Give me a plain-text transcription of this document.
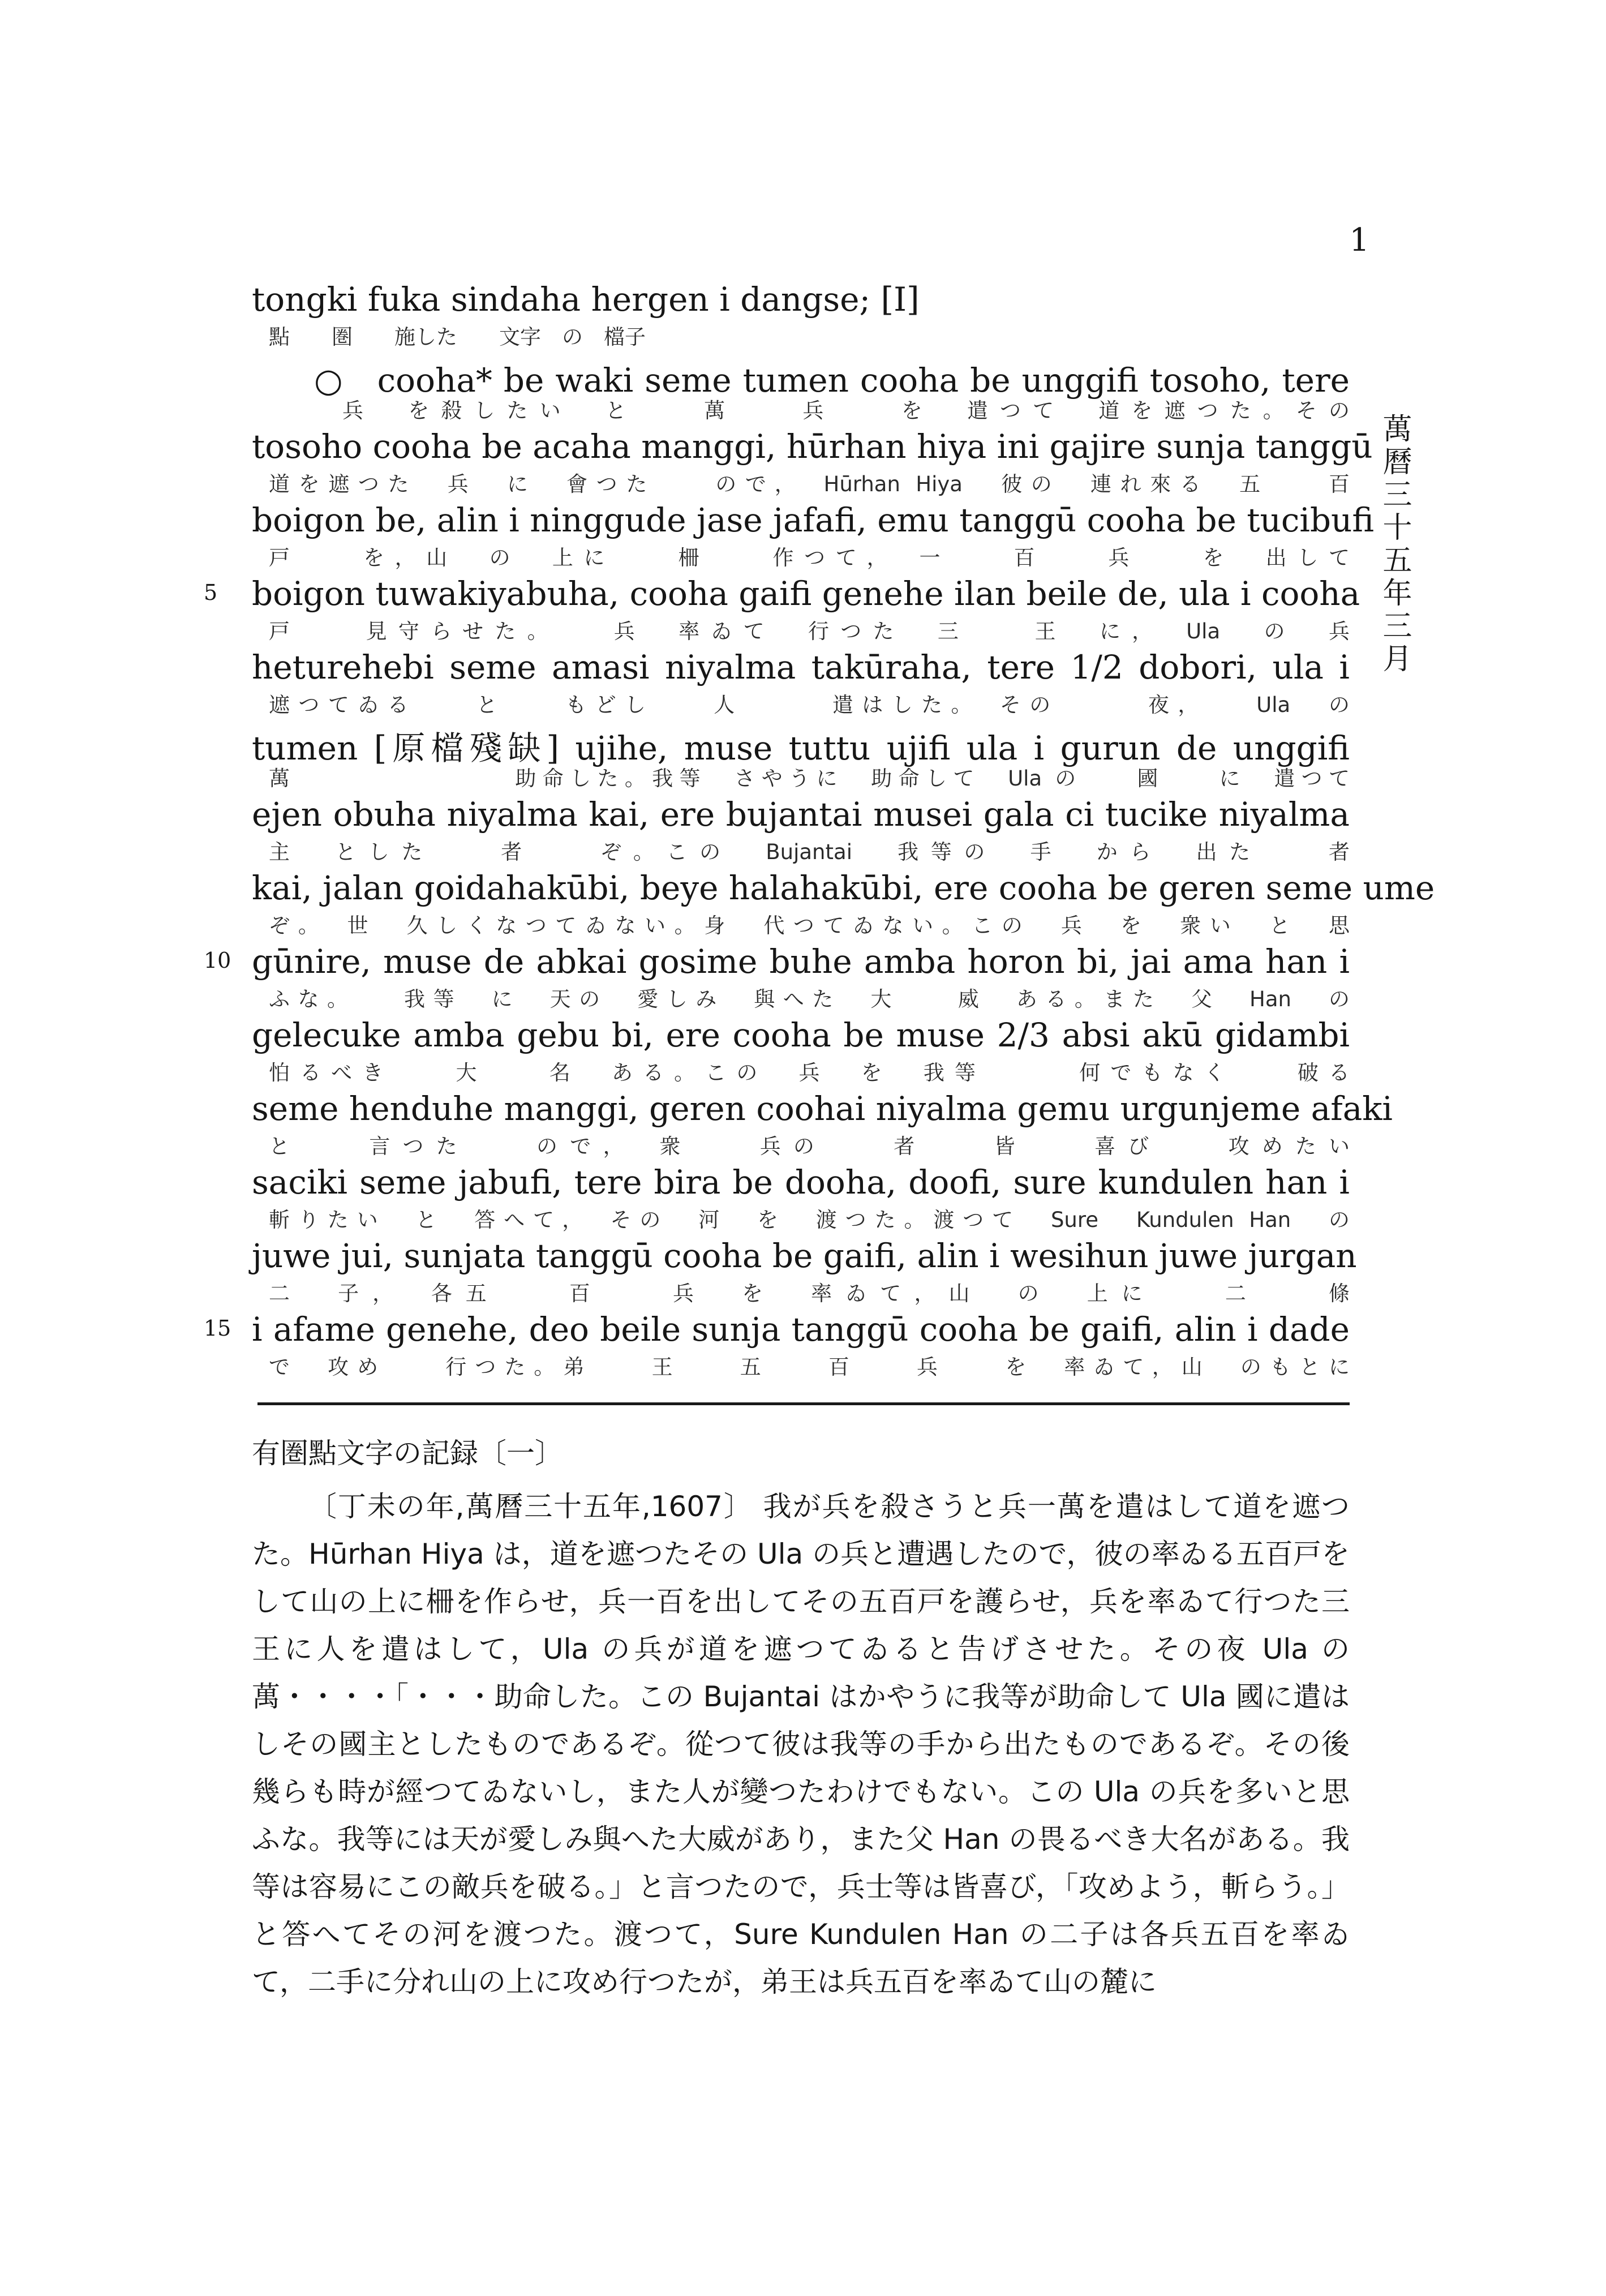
1
萬曆三十五年三月
tongki fuka sindaha hergen i dangse; [I]
點　　圏　　施した　　文字　の　檔子
○　cooha* be waki seme tumen cooha be unggifi tosoho, tere
兵　を殺したい　と　　萬　　兵　　を　遣つて　道を遮つた。その
tosoho cooha be acaha manggi, hūrhan hiya ini gajire sunja tanggū
道を遮つた　兵　に　會つた　　ので，　Hūrhan Hiya　彼の　連れ來る　五　　百
boigon be, alin i ninggude jase jafafi, emu tanggū cooha be tucibufi
戸　　を，山　の　上に　　柵　　作つて，　一　　百　　兵　　を　出して
5	boigon tuwakiyabuha, cooha gaifi genehe ilan beile de, ula i cooha
戸　　見守らせた。　　兵　率ゐて　行つた　三　　王　に，　Ula　の　兵
heturehebi seme amasi niyalma takūraha, tere 1/2 dobori, ula i
遮つてゐる　　と　　もどし　　人　　　遣はした。　その　　　夜，　　Ula　の
tumen [原檔殘缺] ujihe, muse tuttu ujifi ula i gurun de unggifi
萬　　　　　　　　助命した。我等　さやうに　助命して　Ula の　　國　　に　遣つて
ejen obuha niyalma kai, ere bujantai musei gala ci tucike niyalma
主　とした　　者　　ぞ。この　Bujantai　我等の　手　から　出た　　者
kai, jalan goidahakūbi, beye halahakūbi, ere cooha be geren seme ume
ぞ。　世　久しくなつてゐない。身　代つてゐない。この　兵　を　衆い　と　思
10 gūnire, muse de abkai gosime buhe amba horon bi, jai ama han i
ふな。　　我等　に　天の　愛しみ　與へた　大　　威　ある。また　父　Han　の
gelecuke amba gebu bi, ere cooha be muse 2/3 absi akū gidambi
怕るべき　　大　　名　ある。この　兵　を　我等　　　何でもなく　　破る
seme henduhe manggi, geren coohai niyalma gemu urgunjeme afaki
と　　言つた　　ので，　衆　　兵の　　者　　皆　　喜び　　攻めたい
saciki seme jabufi, tere bira be dooha, doofi, sure kundulen han i
斬りたい　と　答へて，　その　河　を　渡つた。渡つて　Sure　Kundulen Han　の
juwe jui, sunjata tanggū cooha be gaifi, alin i wesihun juwe jurgan
二　子，　各五　　百　　兵　を　率ゐて，山　の　上に　　二　　條
15 i afame genehe, deo beile sunja tanggū cooha be gaifi, alin i dade
で　攻め　　行つた。弟　　王　　五　　百　　兵　　を　率ゐて，山　のもとに
有圏點文字の記録〔一〕
〔丁未の年,萬曆三十五年,1607〕 我が兵を殺さうと兵一萬を遣はして道を遮つた。Hūrhan Hiya は，道を遮つたその Ula の兵と遭遇したので，彼の率ゐる五百戸をして山の上に柵を作らせ，兵一百を出してその五百戸を護らせ，兵を率ゐて行つた三王に人を遣はして，Ula の兵が道を遮つてゐると告げさせた。その夜 Ula の萬・・・・「・・・助命した。この Bujantai はかやうに我等が助命して Ula 國に遣はしその國主としたものであるぞ。從つて彼は我等の手から出たものであるぞ。その後幾らも時が經つてゐないし，また人が變つたわけでもない。この Ula の兵を多いと思ふな。我等には天が愛しみ與へた大威があり，また父 Han の畏るべき大名がある。我等は容易にこの敵兵を破る。」と言つたので，兵士等は皆喜び，「攻めよう，斬らう。」と答へてその河を渡つた。渡つて，Sure Kundulen Han の二子は各兵五百を率ゐて，二手に分れ山の上に攻め行つたが，弟王は兵五百を率ゐて山の麓に
